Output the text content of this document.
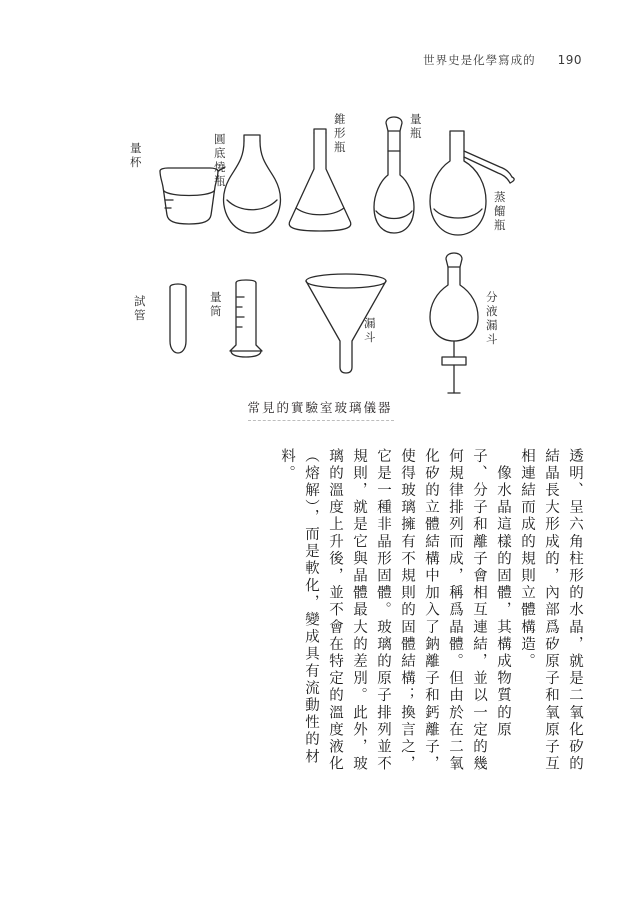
世界史是化學寫成的 190
量
杯
圓
底
燒
瓶
錐
形
瓶
量
瓶
蒸
餾
瓶
試
管
量
筒
漏
斗
分
液
漏
斗
常見的實驗室玻璃儀器
透明、呈六角柱形的水晶，就是二氧化矽的
結晶長大形成的，內部爲矽原子和氧原子互
相連結而成的規則立體構造。
　像水晶這樣的固體，其構成物質的原
子、分子和離子會相互連結，並以一定的幾
何規律排列而成，稱爲晶體。但由於在二氧
化矽的立體結構中加入了鈉離子和鈣離子，
使得玻璃擁有不規則的固體結構；換言之，
它是一種非晶形固體。玻璃的原子排列並不
規則，就是它與晶體最大的差別。此外，玻
璃的溫度上升後，並不會在特定的溫度液化
（熔解），而是軟化，變成具有流動性的材
料。
